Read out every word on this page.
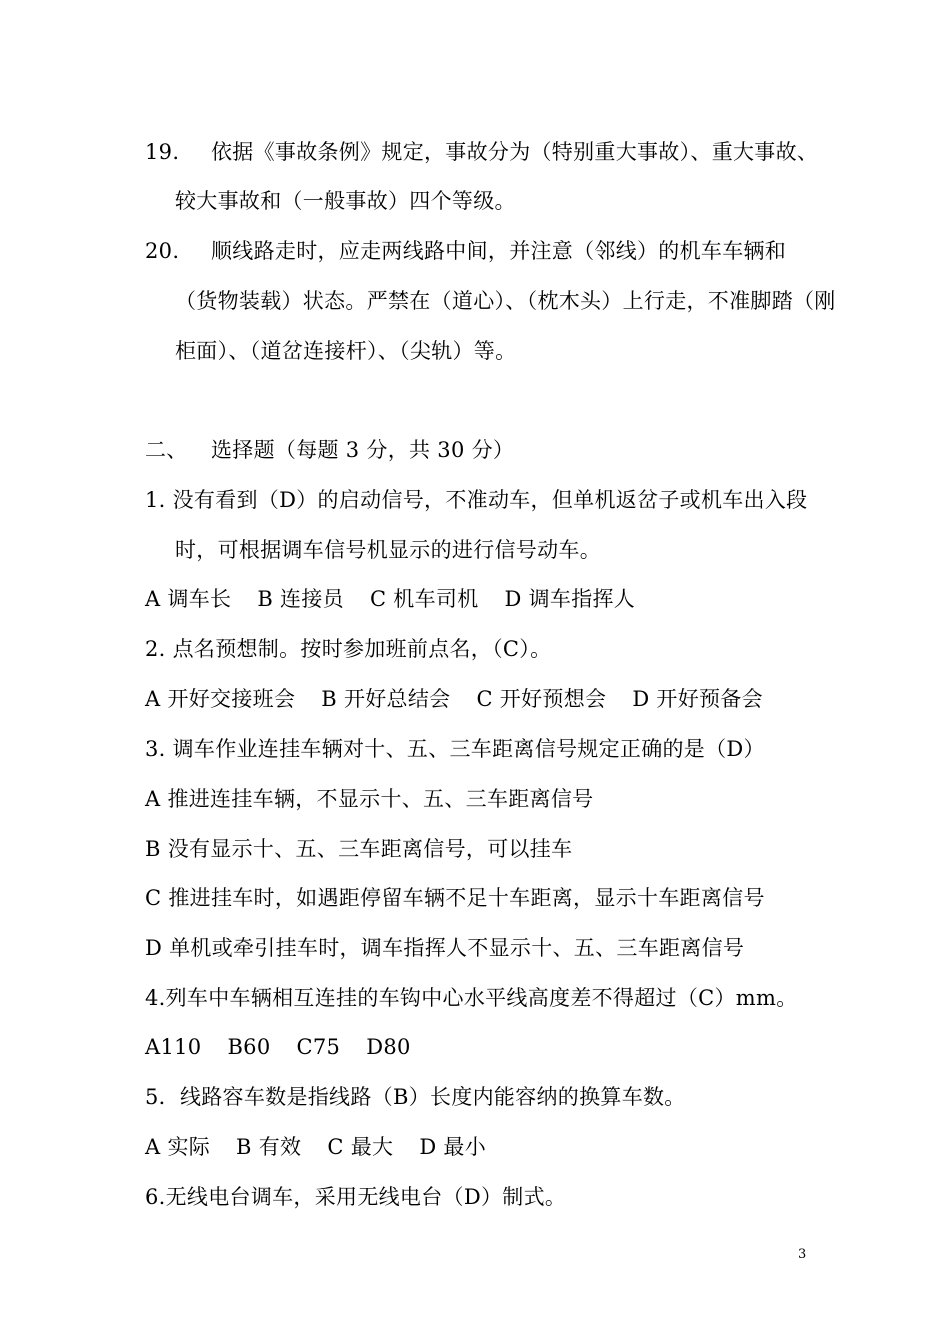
19. 依据《事故条例》规定，事故分为（特别重大事故）、重大事故、
较大事故和（一般事故）四个等级。
20. 顺线路走时，应走两线路中间，并注意（邻线）的机车车辆和
（货物装载）状态。严禁在（道心）、（枕木头）上行走，不准脚踏（刚
柜面）、（道岔连接杆）、（尖轨）等。
二、 选择题（每题 3 分，共 30 分）
1. 没有看到（D）的启动信号，不准动车，但单机返岔子或机车出入段
时，可根据调车信号机显示的进行信号动车。
A 调车长 B 连接员 C 机车司机 D 调车指挥人
2. 点名预想制。按时参加班前点名，（C）。
A 开好交接班会 B 开好总结会 C 开好预想会 D 开好预备会
3. 调车作业连挂车辆对十、五、三车距离信号规定正确的是（D）
A 推进连挂车辆，不显示十、五、三车距离信号
B 没有显示十、五、三车距离信号，可以挂车
C 推进挂车时，如遇距停留车辆不足十车距离，显示十车距离信号
D 单机或牵引挂车时，调车指挥人不显示十、五、三车距离信号
4.列车中车辆相互连挂的车钩中心水平线高度差不得超过（C）mm。
A110 B60 C75 D80
5．线路容车数是指线路（B）长度内能容纳的换算车数。
A 实际 B 有效 C 最大 D 最小
6.无线电台调车，采用无线电台（D）制式。
3
